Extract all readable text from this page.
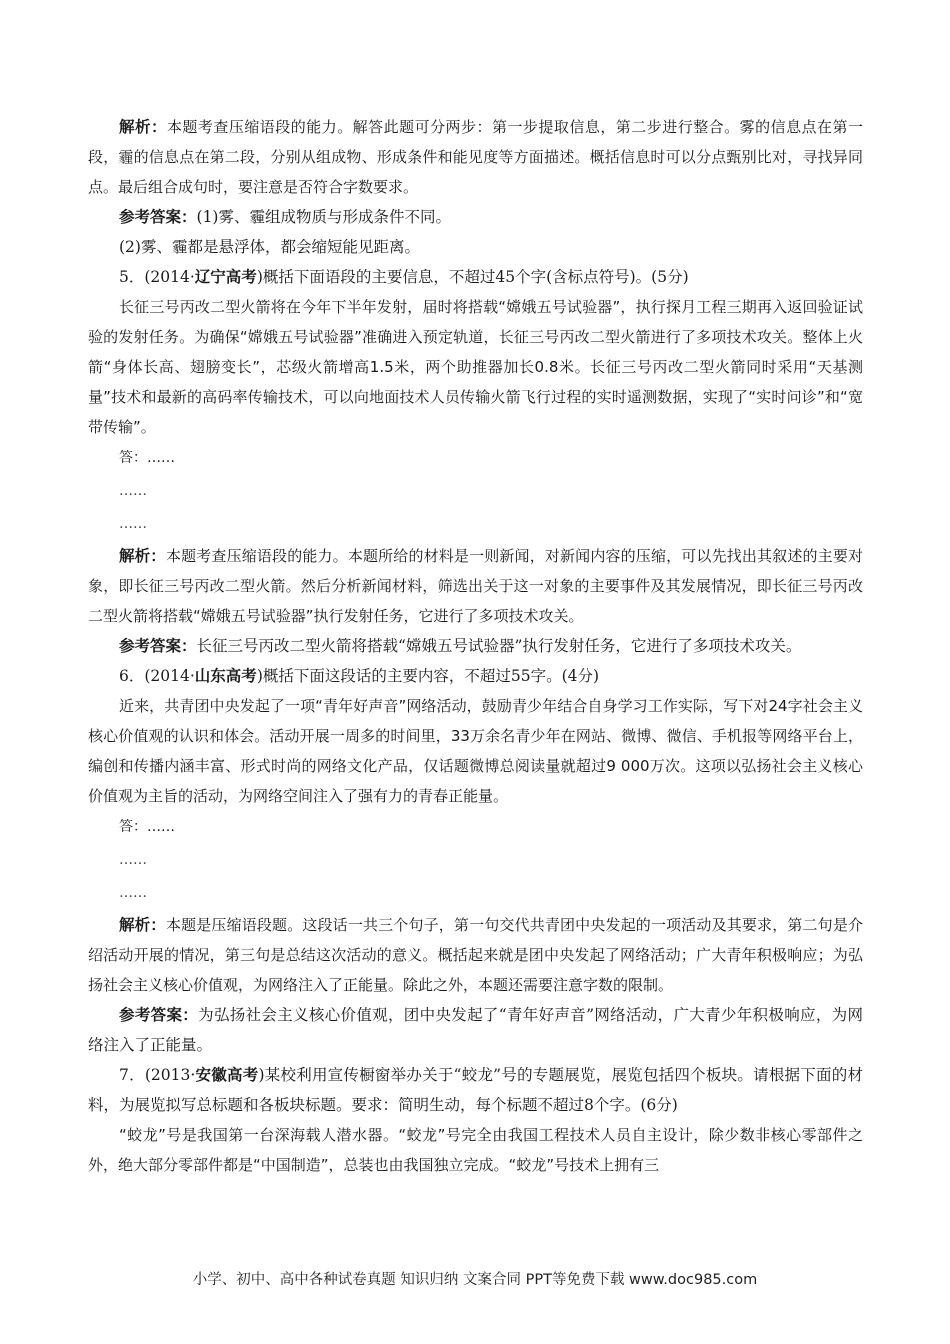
解析：本题考查压缩语段的能力。解答此题可分两步：第一步提取信息，第二步进行整合。雾的信息点在第一段，霾的信息点在第二段，分别从组成物、形成条件和能见度等方面描述。概括信息时可以分点甄别比对，寻找异同点。最后组合成句时，要注意是否符合字数要求。

参考答案：(1)雾、霾组成物质与形成条件不同。

(2)雾、霾都是悬浮体，都会缩短能见距离。

5．(2014·辽宁高考)概括下面语段的主要信息，不超过45个字(含标点符号)。(5分)

长征三号丙改二型火箭将在今年下半年发射，届时将搭载“嫦娥五号试验器”，执行探月工程三期再入返回验证试验的发射任务。为确保“嫦娥五号试验器”准确进入预定轨道，长征三号丙改二型火箭进行了多项技术攻关。整体上火箭“身体长高、翅膀变长”，芯级火箭增高1.5米，两个助推器加长0.8米。长征三号丙改二型火箭同时采用“天基测量”技术和最新的高码率传输技术，可以向地面技术人员传输火箭飞行过程的实时遥测数据，实现了“实时问诊”和“宽带传输”。

答：……
……
……

解析：本题考查压缩语段的能力。本题所给的材料是一则新闻，对新闻内容的压缩，可以先找出其叙述的主要对象，即长征三号丙改二型火箭。然后分析新闻材料，筛选出关于这一对象的主要事件及其发展情况，即长征三号丙改二型火箭将搭载“嫦娥五号试验器”执行发射任务，它进行了多项技术攻关。

参考答案：长征三号丙改二型火箭将搭载“嫦娥五号试验器”执行发射任务，它进行了多项技术攻关。

6．(2014·山东高考)概括下面这段话的主要内容，不超过55字。(4分)

近来，共青团中央发起了一项“青年好声音”网络活动，鼓励青少年结合自身学习工作实际，写下对24字社会主义核心价值观的认识和体会。活动开展一周多的时间里，33万余名青少年在网站、微博、微信、手机报等网络平台上，编创和传播内涵丰富、形式时尚的网络文化产品，仅话题微博总阅读量就超过9 000万次。这项以弘扬社会主义核心价值观为主旨的活动，为网络空间注入了强有力的青春正能量。

答：……
……
……

解析：本题是压缩语段题。这段话一共三个句子，第一句交代共青团中央发起的一项活动及其要求，第二句是介绍活动开展的情况，第三句是总结这次活动的意义。概括起来就是团中央发起了网络活动；广大青年积极响应；为弘扬社会主义核心价值观，为网络注入了正能量。除此之外，本题还需要注意字数的限制。

参考答案：为弘扬社会主义核心价值观，团中央发起了“青年好声音”网络活动，广大青少年积极响应，为网络注入了正能量。

7．(2013·安徽高考)某校利用宣传橱窗举办关于“蛟龙”号的专题展览，展览包括四个板块。请根据下面的材料，为展览拟写总标题和各板块标题。要求：简明生动，每个标题不超过8个字。(6分)

“蛟龙”号是我国第一台深海载人潜水器。“蛟龙”号完全由我国工程技术人员自主设计，除少数非核心零部件之外，绝大部分零部件都是“中国制造”，总装也由我国独立完成。“蛟龙”号技术上拥有三

小学、初中、高中各种试卷真题 知识归纳 文案合同 PPT等免费下载 www.doc985.com
